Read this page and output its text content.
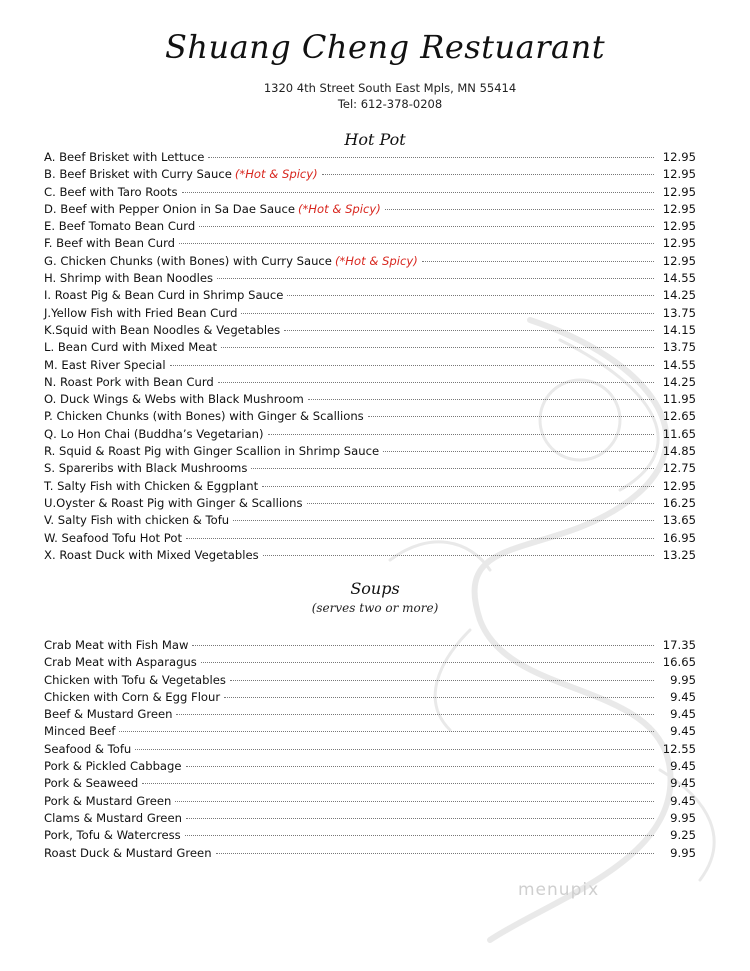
Shuang Cheng Restuarant
1320 4th Street South East Mpls, MN 55414
Tel: 612-378-0208
Hot Pot
A. Beef Brisket with Lettuce	12.95
B. Beef Brisket with Curry Sauce (*Hot & Spicy)	12.95
C. Beef with Taro Roots	12.95
D. Beef with Pepper Onion in Sa Dae Sauce (*Hot & Spicy)	12.95
E. Beef Tomato Bean Curd	12.95
F. Beef with Bean Curd	12.95
G. Chicken Chunks (with Bones) with Curry Sauce (*Hot & Spicy)	12.95
H. Shrimp with Bean Noodles	14.55
I. Roast Pig & Bean Curd in Shrimp Sauce	14.25
J.Yellow Fish with Fried Bean Curd	13.75
K.Squid with Bean Noodles & Vegetables	14.15
L. Bean Curd with Mixed Meat	13.75
M. East River Special	14.55
N. Roast Pork with Bean Curd	14.25
O. Duck Wings & Webs with Black Mushroom	11.95
P. Chicken Chunks (with Bones) with Ginger & Scallions	12.65
Q. Lo Hon Chai (Buddha’s Vegetarian)	11.65
R. Squid & Roast Pig with Ginger Scallion in Shrimp Sauce	14.85
S. Spareribs with Black Mushrooms	12.75
T. Salty Fish with Chicken & Eggplant	12.95
U.Oyster & Roast Pig with Ginger & Scallions	16.25
V. Salty Fish with chicken & Tofu	13.65
W. Seafood Tofu Hot Pot	16.95
X. Roast Duck with Mixed Vegetables	13.25
Soups
(serves two or more)
Crab Meat with Fish Maw	17.35
Crab Meat with Asparagus	16.65
Chicken with Tofu & Vegetables	9.95
Chicken with Corn & Egg Flour	9.45
Beef & Mustard Green	9.45
Minced Beef	9.45
Seafood & Tofu	12.55
Pork & Pickled Cabbage	9.45
Pork & Seaweed	9.45
Pork & Mustard Green	9.45
Clams & Mustard Green	9.95
Pork, Tofu & Watercress	9.25
Roast Duck & Mustard Green	9.95
menupix
